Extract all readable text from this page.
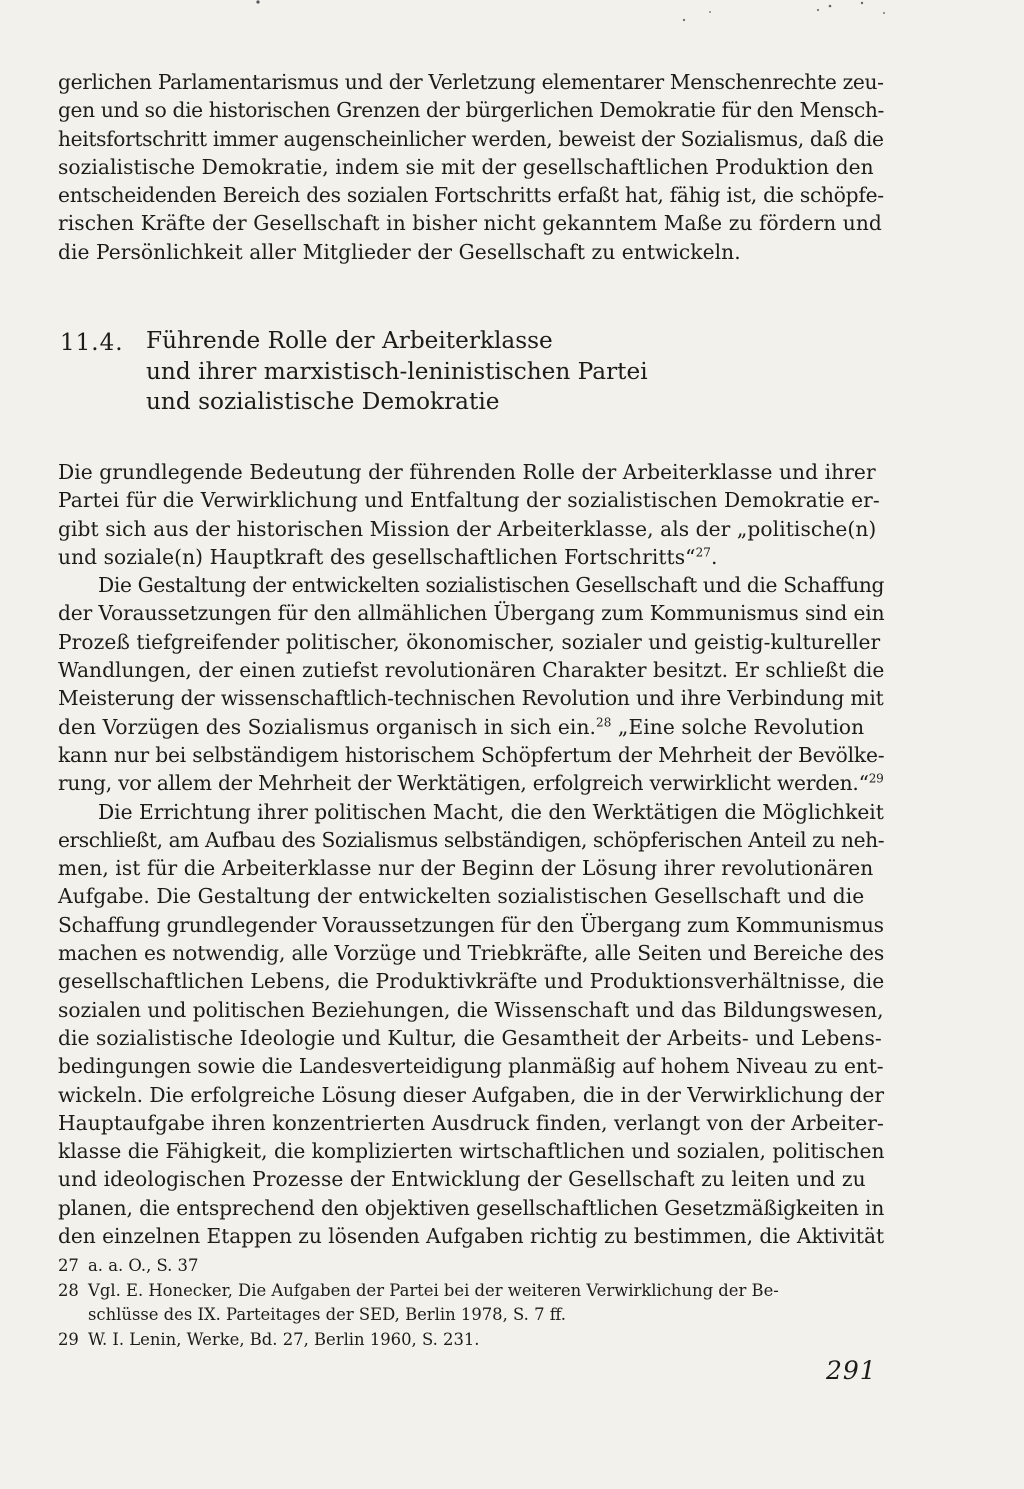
gerlichen Parlamentarismus und der Verletzung elementarer Menschenrechte zeu-
gen und so die historischen Grenzen der bürgerlichen Demokratie für den Mensch-
heitsfortschritt immer augenscheinlicher werden, beweist der Sozialismus, daß die
sozialistische Demokratie, indem sie mit der gesellschaftlichen Produktion den
entscheidenden Bereich des sozialen Fortschritts erfaßt hat, fähig ist, die schöpfe-
rischen Kräfte der Gesellschaft in bisher nicht gekanntem Maße zu fördern und
die Persönlichkeit aller Mitglieder der Gesellschaft zu entwickeln.
11.4. Führende Rolle der Arbeiterklasse
und ihrer marxistisch-leninistischen Partei
und sozialistische Demokratie
Die grundlegende Bedeutung der führenden Rolle der Arbeiterklasse und ihrer
Partei für die Verwirklichung und Entfaltung der sozialistischen Demokratie er-
gibt sich aus der historischen Mission der Arbeiterklasse, als der „politische(n)
und soziale(n) Hauptkraft des gesellschaftlichen Fortschritts“$^{27}$.
Die Gestaltung der entwickelten sozialistischen Gesellschaft und die Schaffung
der Voraussetzungen für den allmählichen Übergang zum Kommunismus sind ein
Prozeß tiefgreifender politischer, ökonomischer, sozialer und geistig-kultureller
Wandlungen, der einen zutiefst revolutionären Charakter besitzt. Er schließt die
Meisterung der wissenschaftlich-technischen Revolution und ihre Verbindung mit
den Vorzügen des Sozialismus organisch in sich ein.$^{28}$ „Eine solche Revolution
kann nur bei selbständigem historischem Schöpfertum der Mehrheit der Bevölke-
rung, vor allem der Mehrheit der Werktätigen, erfolgreich verwirklicht werden.“$^{29}$
Die Errichtung ihrer politischen Macht, die den Werktätigen die Möglichkeit
erschließt, am Aufbau des Sozialismus selbständigen, schöpferischen Anteil zu neh-
men, ist für die Arbeiterklasse nur der Beginn der Lösung ihrer revolutionären
Aufgabe. Die Gestaltung der entwickelten sozialistischen Gesellschaft und die
Schaffung grundlegender Voraussetzungen für den Übergang zum Kommunismus
machen es notwendig, alle Vorzüge und Triebkräfte, alle Seiten und Bereiche des
gesellschaftlichen Lebens, die Produktivkräfte und Produktionsverhältnisse, die
sozialen und politischen Beziehungen, die Wissenschaft und das Bildungswesen,
die sozialistische Ideologie und Kultur, die Gesamtheit der Arbeits- und Lebens-
bedingungen sowie die Landesverteidigung planmäßig auf hohem Niveau zu ent-
wickeln. Die erfolgreiche Lösung dieser Aufgaben, die in der Verwirklichung der
Hauptaufgabe ihren konzentrierten Ausdruck finden, verlangt von der Arbeiter-
klasse die Fähigkeit, die komplizierten wirtschaftlichen und sozialen, politischen
und ideologischen Prozesse der Entwicklung der Gesellschaft zu leiten und zu
planen, die entsprechend den objektiven gesellschaftlichen Gesetzmäßigkeiten in
den einzelnen Etappen zu lösenden Aufgaben richtig zu bestimmen, die Aktivität
27 a. a. O., S. 37
28 Vgl. E. Honecker, Die Aufgaben der Partei bei der weiteren Verwirklichung der Be-
schlüsse des IX. Parteitages der SED, Berlin 1978, S. 7 ff.
29 W. I. Lenin, Werke, Bd. 27, Berlin 1960, S. 231.
291
